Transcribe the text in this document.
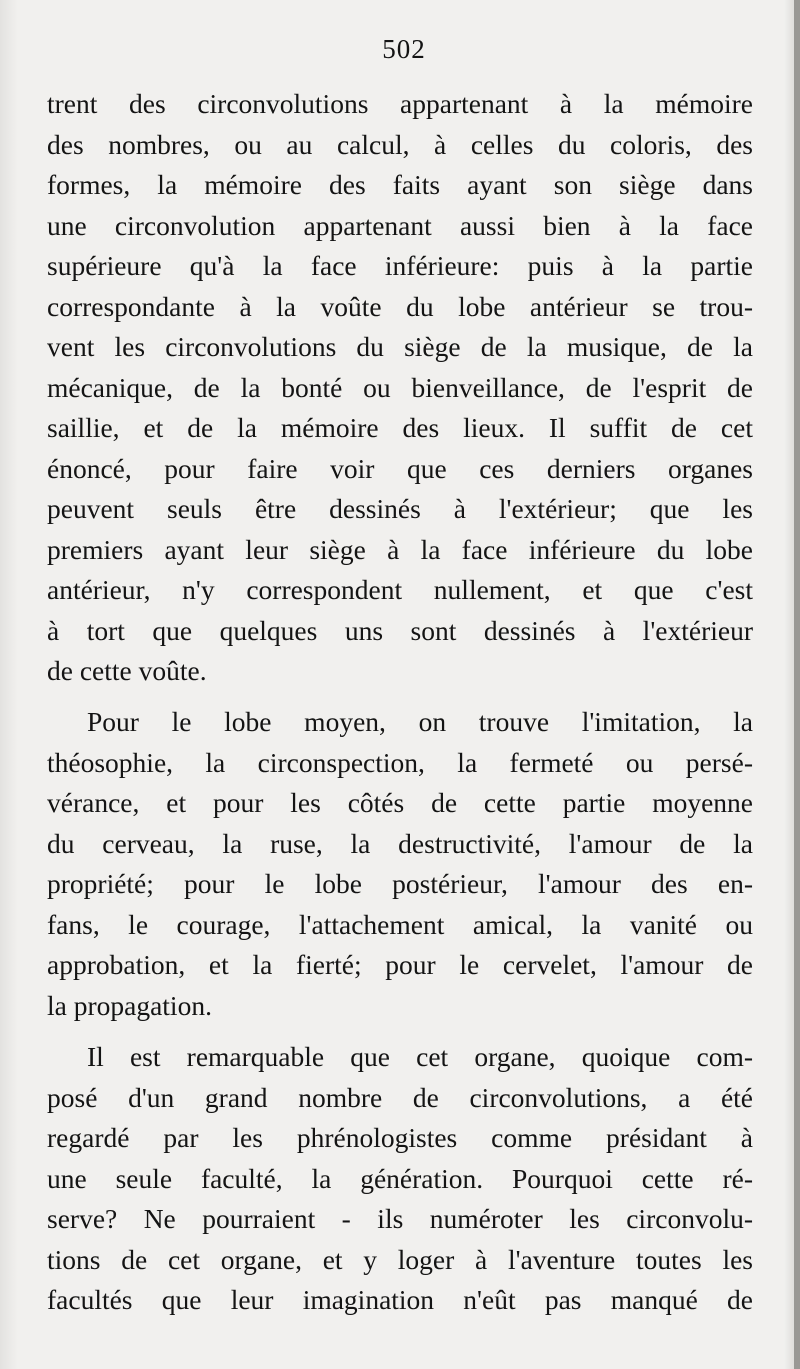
502
trent des circonvolutions appartenant à la mémoire
des nombres, ou au calcul, à celles du coloris, des
formes, la mémoire des faits ayant son siège dans
une circonvolution appartenant aussi bien à la face
supérieure qu'à la face inférieure: puis à la partie
correspondante à la voûte du lobe antérieur se trou-
vent les circonvolutions du siège de la musique, de la
mécanique, de la bonté ou bienveillance, de l'esprit de
saillie, et de la mémoire des lieux. Il suffit de cet
énoncé, pour faire voir que ces derniers organes
peuvent seuls être dessinés à l'extérieur; que les
premiers ayant leur siège à la face inférieure du lobe
antérieur, n'y correspondent nullement, et que c'est
à tort que quelques uns sont dessinés à l'extérieur
de cette voûte.
Pour le lobe moyen, on trouve l'imitation, la
théosophie, la circonspection, la fermeté ou persé-
vérance, et pour les côtés de cette partie moyenne
du cerveau, la ruse, la destructivité, l'amour de la
propriété; pour le lobe postérieur, l'amour des en-
fans, le courage, l'attachement amical, la vanité ou
approbation, et la fierté; pour le cervelet, l'amour de
la propagation.
Il est remarquable que cet organe, quoique com-
posé d'un grand nombre de circonvolutions, a été
regardé par les phrénologistes comme présidant à
une seule faculté, la génération. Pourquoi cette ré-
serve? Ne pourraient - ils numéroter les circonvolu-
tions de cet organe, et y loger à l'aventure toutes les
facultés que leur imagination n'eût pas manqué de
